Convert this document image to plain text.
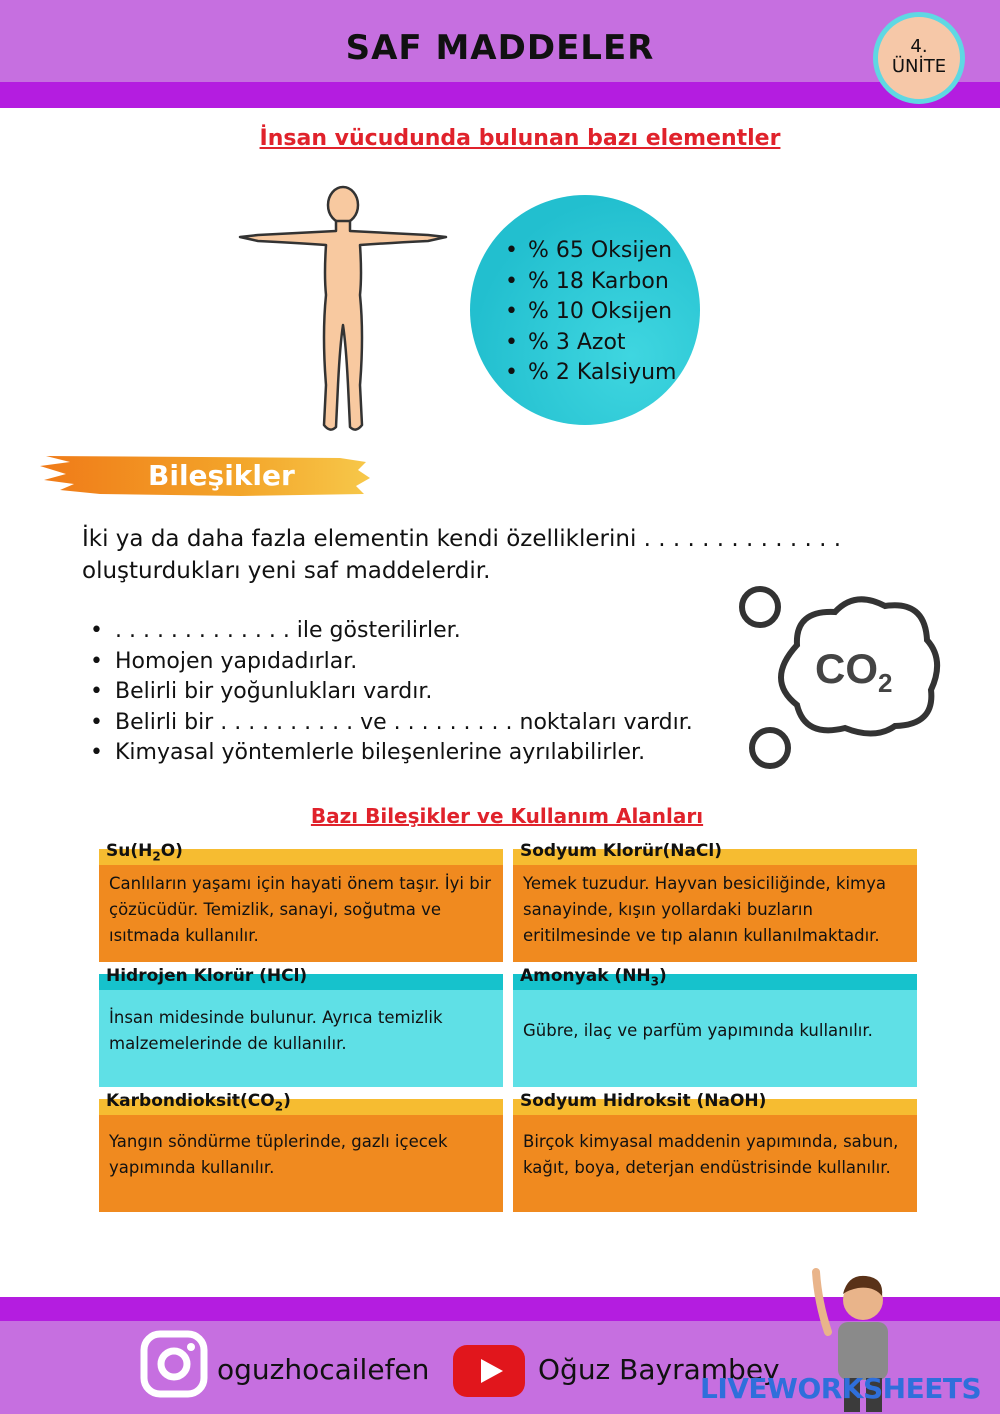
SAF MADDELER	4.
ÜNİTE
İnsan vücudunda bulunan bazı elementler
• % 65 Oksijen
• % 18 Karbon
• % 10 Oksijen
• % 3 Azot
• % 2 Kalsiyum
Bileşikler
İki ya da daha fazla elementin kendi özelliklerini . . . . . . . . . . . . . . oluşturdukları yeni saf maddelerdir.
• . . . . . . . . . . . . . ile gösterilirler.
• Homojen yapıdadırlar.
• Belirli bir yoğunlukları vardır.
• Belirli bir . . . . . . . . . . ve . . . . . . . . . noktaları vardır.
• Kimyasal yöntemlerle bileşenlerine ayrılabilirler.
CO 2
Bazı Bileşikler ve Kullanım Alanları
$Su(H_2O)$
Canlıların yaşamı için hayati önem taşır. İyi bir çözücüdür. Temizlik, sanayi, soğutma ve ısıtmada kullanılır.
Sodyum Klorür(NaCl)
Yemek tuzudur. Hayvan besiciliğinde, kimya sanayinde, kışın yollardaki buzların eritilmesinde ve tıp alanın kullanılmaktadır.
Hidrojen Klorür (HCl)
İnsan midesinde bulunur. Ayrıca temizlik malzemelerinde de kullanılır.
Amonyak $(NH_3)$
Gübre, ilaç ve parfüm yapımında kullanılır.
$Karbondioksit(CO_2)$
Yangın söndürme tüplerinde, gazlı içecek yapımında kullanılır.
Sodyum Hidroksit (NaOH)
Birçok kimyasal maddenin yapımında, sabun, kağıt, boya, deterjan endüstrisinde kullanılır.
oguzhocailefen	Oğuz Bayrambey
LIVEWORKSHEETS
